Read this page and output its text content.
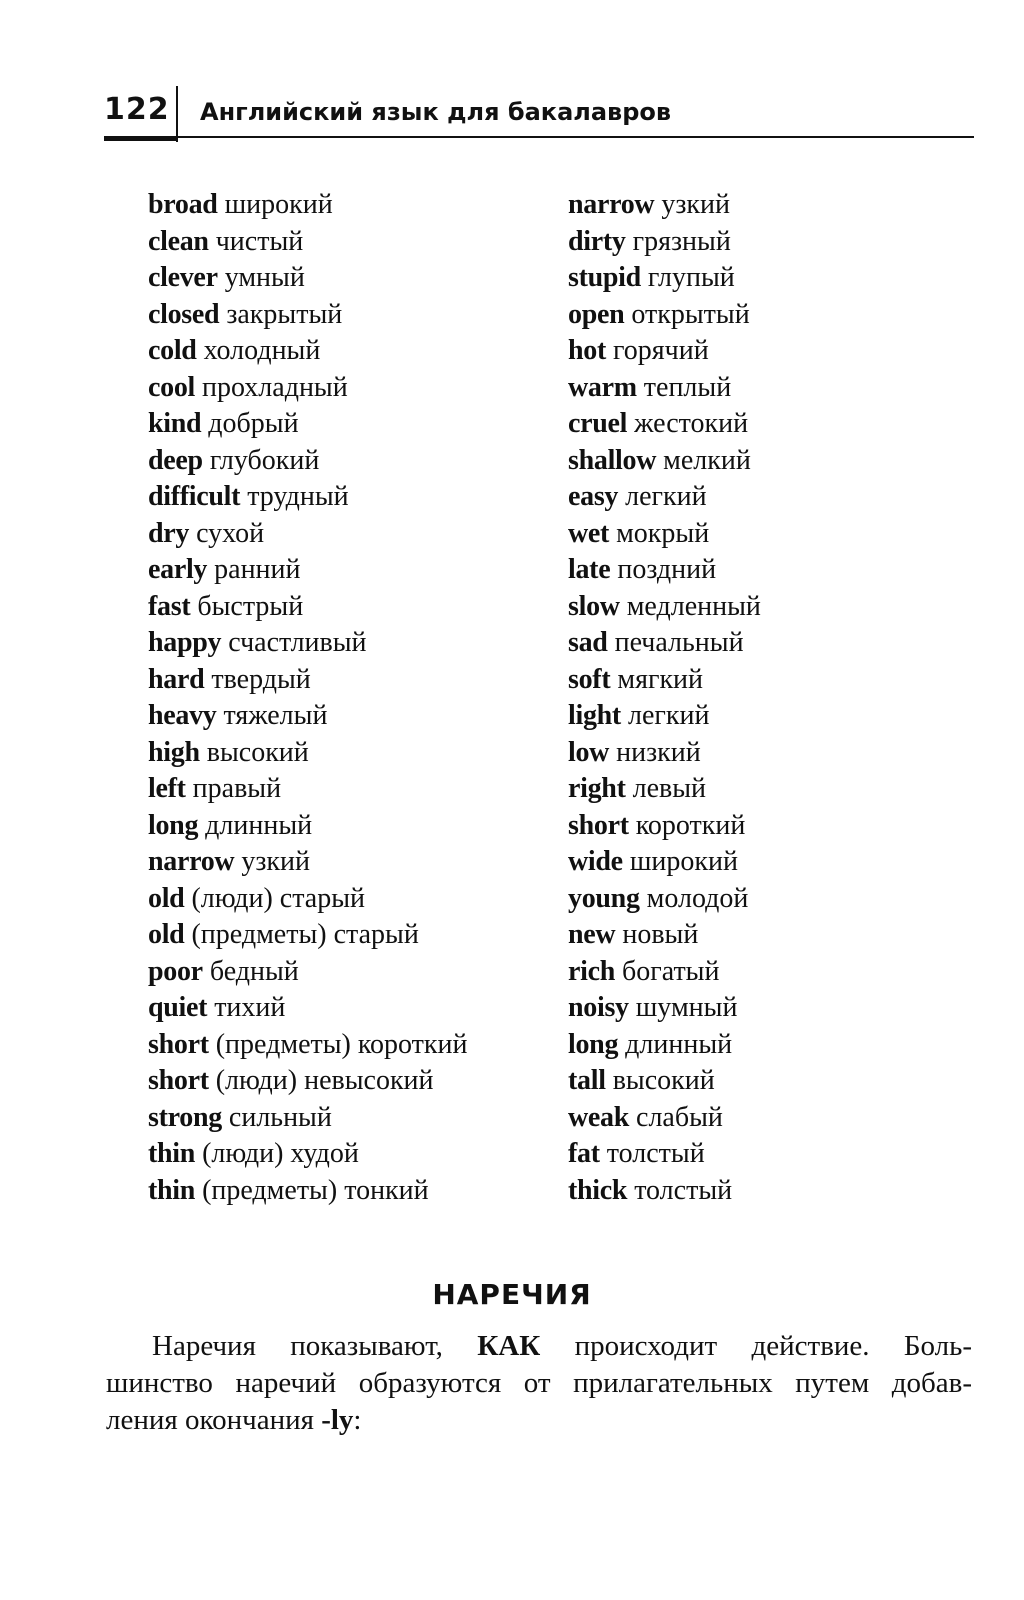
122 Английский язык для бакалавров
broad широкий
clean чистый
clever умный
closed закрытый
cold холодный
cool прохладный
kind добрый
deep глубокий
difficult трудный
dry сухой
early ранний
fast быстрый
happy счастливый
hard твердый
heavy тяжелый
high высокий
left правый
long длинный
narrow узкий
old (люди) старый
old (предметы) старый
poor бедный
quiet тихий
short (предметы) короткий
short (люди) невысокий
strong сильный
thin (люди) худой
thin (предметы) тонкий
narrow узкий
dirty грязный
stupid глупый
open открытый
hot горячий
warm теплый
cruel жестокий
shallow мелкий
easy легкий
wet мокрый
late поздний
slow медленный
sad печальный
soft мягкий
light легкий
low низкий
right левый
short короткий
wide широкий
young молодой
new новый
rich богатый
noisy шумный
long длинный
tall высокий
weak слабый
fat толстый
thick толстый
НАРЕЧИЯ

Наречия показывают, КАК происходит действие. Боль-
шинство наречий образуются от прилагательных путем добав-
ления окончания -ly:
